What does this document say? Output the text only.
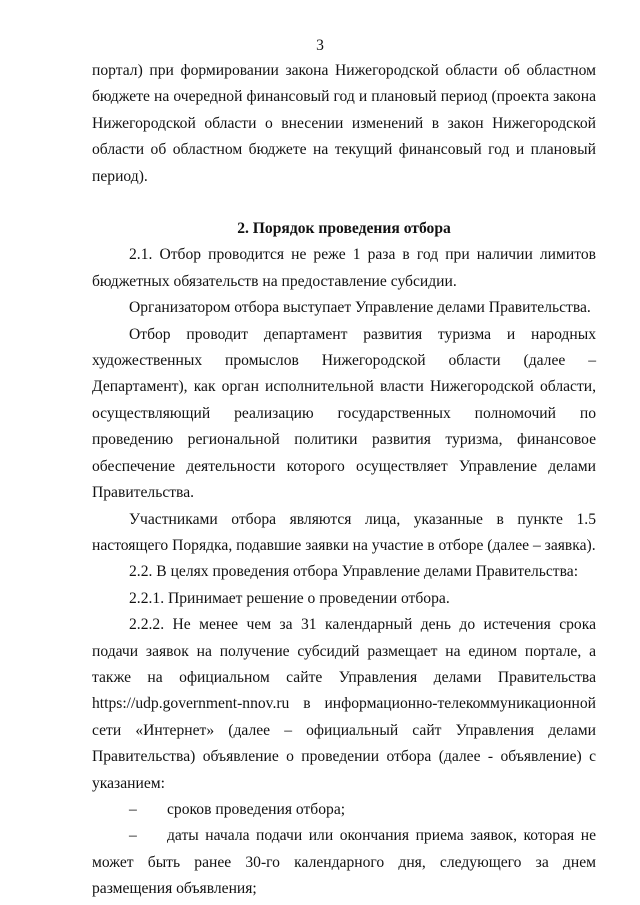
3

портал) при формировании закона Нижегородской области об областном бюджете на очередной финансовый год и плановый период (проекта закона Нижегородской области о внесении изменений в закон Нижегородской области об областном бюджете на текущий финансовый год и плановый период).

2. Порядок проведения отбора

2.1. Отбор проводится не реже 1 раза в год при наличии лимитов бюджетных обязательств на предоставление субсидии.

Организатором отбора выступает Управление делами Правительства.

Отбор проводит департамент развития туризма и народных художественных промыслов Нижегородской области (далее – Департамент), как орган исполнительной власти Нижегородской области, осуществляющий реализацию государственных полномочий по проведению региональной политики развития туризма, финансовое обеспечение деятельности которого осуществляет Управление делами Правительства.

Участниками отбора являются лица, указанные в пункте 1.5 настоящего Порядка, подавшие заявки на участие в отборе (далее – заявка).

2.2. В целях проведения отбора Управление делами Правительства:

2.2.1. Принимает решение о проведении отбора.

2.2.2. Не менее чем за 31 календарный день до истечения срока подачи заявок на получение субсидий размещает на едином портале, а также на официальном сайте Управления делами Правительства https://udp.government-nnov.ru в информационно-телекоммуникационной сети «Интернет» (далее – официальный сайт Управления делами Правительства) объявление о проведении отбора (далее - объявление) с указанием:

– сроков проведения отбора;

– даты начала подачи или окончания приема заявок, которая не может быть ранее 30-го календарного дня, следующего за днем размещения объявления;
